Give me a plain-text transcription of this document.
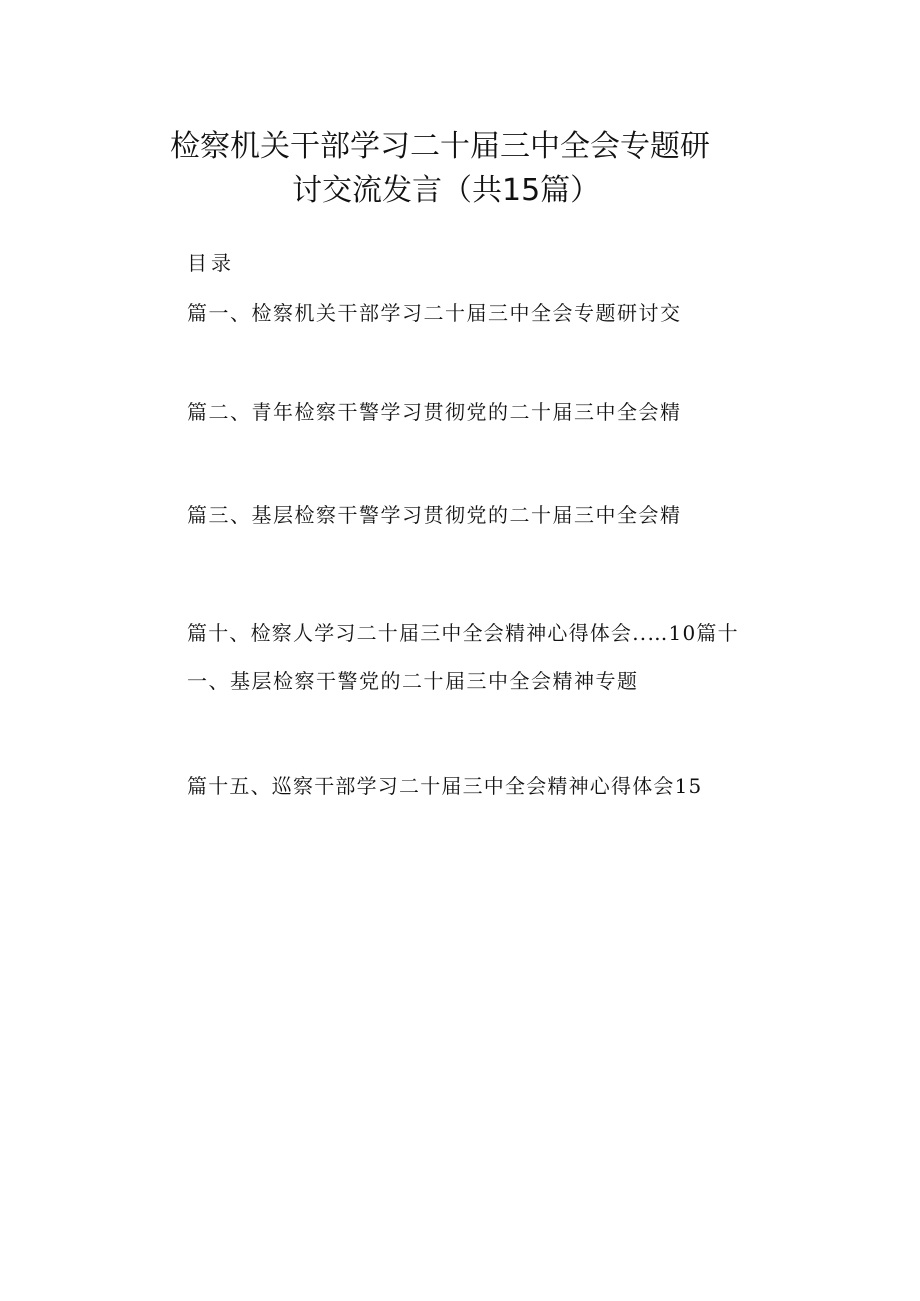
检察机关干部学习二十届三中全会专题研
讨交流发言（共15篇）
目录
篇一、检察机关干部学习二十届三中全会专题研讨交
篇二、青年检察干警学习贯彻党的二十届三中全会精
篇三、基层检察干警学习贯彻党的二十届三中全会精
篇十、检察人学习二十届三中全会精神心得体会..…10篇十
一、基层检察干警党的二十届三中全会精神专题
篇十五、巡察干部学习二十届三中全会精神心得体会15
